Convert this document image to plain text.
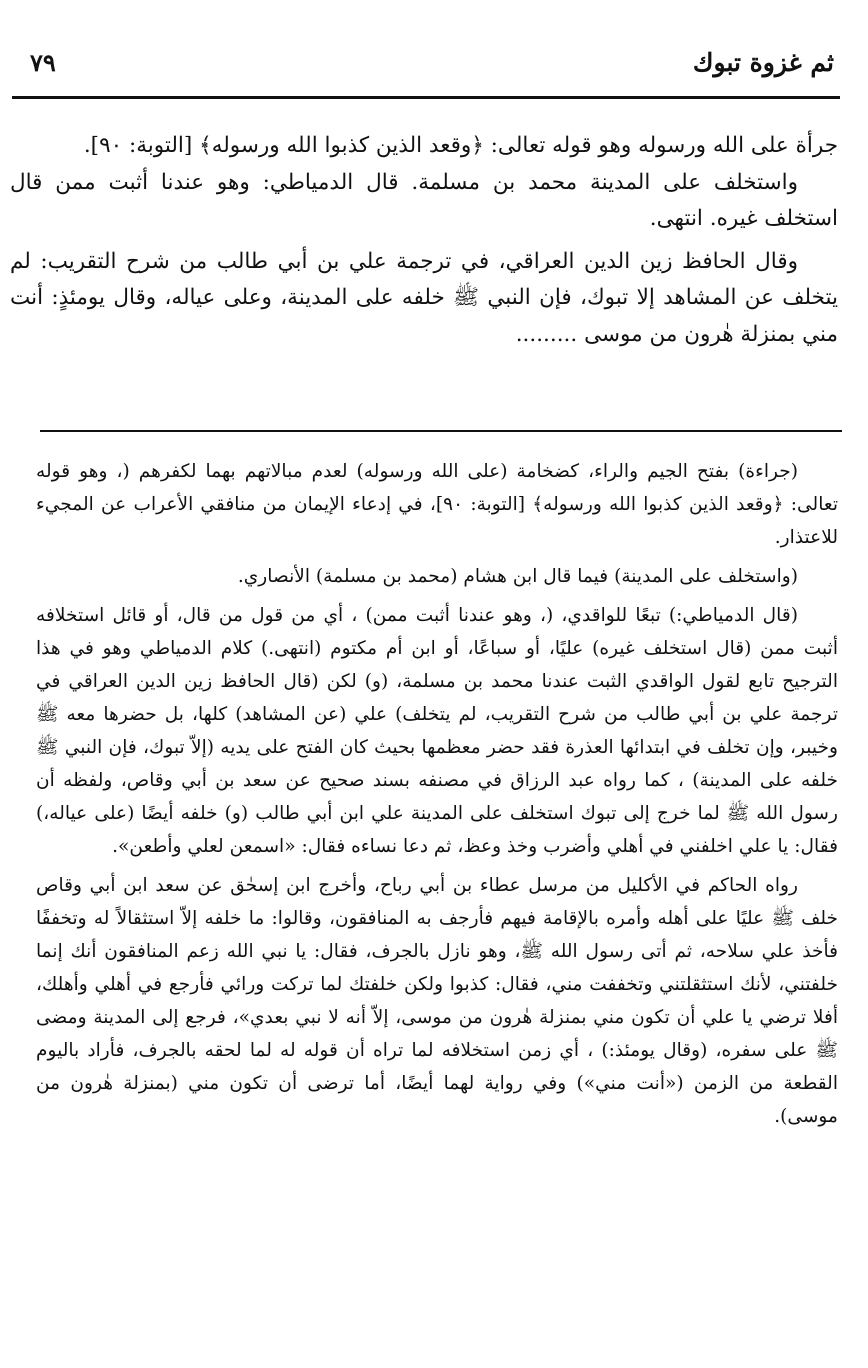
ثم غزوة تبوك
٧٩

جرأة على الله ورسوله وهو قوله تعالى: ﴿وقعد الذين كذبوا الله ورسوله﴾ [التوبة: ٩٠].

واستخلف على المدينة محمد بن مسلمة. قال الدمياطي: وهو عندنا أثبت ممن قال استخلف غيره. انتهى.

وقال الحافظ زين الدين العراقي، في ترجمة علي بن أبي طالب من شرح التقريب: لم يتخلف عن المشاهد إلا تبوك، فإن النبي ﷺ خلفه على المدينة، وعلى عياله، وقال يومئذٍ: أنت مني بمنزلة هٰرون من موسى .........

(جراءة) بفتح الجيم والراء، كضخامة (على الله ورسوله) لعدم مبالاتهم بهما لكفرهم (، وهو قوله تعالى: ﴿وقعد الذين كذبوا الله ورسوله﴾ [التوبة: ٩٠]، في إدعاء الإيمان من منافقي الأعراب عن المجيء للاعتذار.

(واستخلف على المدينة) فيما قال ابن هشام (محمد بن مسلمة) الأنصاري.

(قال الدمياطي:) تبعًا للواقدي، (، وهو عندنا أثبت ممن) ، أي من قول من قال، أو قائل استخلافه أثبت ممن (قال استخلف غيره) عليًا، أو سباعًا، أو ابن أم مكتوم (انتهى.) كلام الدمياطي وهو في هذا الترجيح تابع لقول الواقدي الثبت عندنا محمد بن مسلمة، (و) لكن (قال الحافظ زين الدين العراقي في ترجمة علي بن أبي طالب من شرح التقريب، لم يتخلف) علي (عن المشاهد) كلها، بل حضرها معه ﷺ وخيبر، وإن تخلف في ابتدائها العذرة فقد حضر معظمها بحيث كان الفتح على يديه (إلاّ تبوك، فإن النبي ﷺ خلفه على المدينة) ، كما رواه عبد الرزاق في مصنفه بسند صحيح عن سعد بن أبي وقاص، ولفظه أن رسول الله ﷺ لما خرج إلى تبوك استخلف على المدينة علي ابن أبي طالب (و) خلفه أيضًا (على عياله،) فقال: يا علي اخلفني في أهلي وأضرب وخذ وعظ، ثم دعا نساءه فقال: «اسمعن لعلي وأطعن».

رواه الحاكم في الأكليل من مرسل عطاء بن أبي رباح، وأخرج ابن إسحٰق عن سعد ابن أبي وقاص خلف ﷺ عليًا على أهله وأمره بالإقامة فيهم فأرجف به المنافقون، وقالوا: ما خلفه إلاّ استثقالاً له وتخففًا فأخذ علي سلاحه، ثم أتى رسول الله ﷺ، وهو نازل بالجرف، فقال: يا نبي الله زعم المنافقون أنك إنما خلفتني، لأنك استثقلتني وتخففت مني، فقال: كذبوا ولكن خلفتك لما تركت ورائي فأرجع في أهلي وأهلك، أفلا ترضي يا علي أن تكون مني بمنزلة هٰرون من موسى، إلاّ أنه لا نبي بعدي»، فرجع إلى المدينة ومضى ﷺ على سفره، (وقال يومئذ:) ، أي زمن استخلافه لما تراه أن قوله له لما لحقه بالجرف، فأراد باليوم القطعة من الزمن («أنت مني») وفي رواية لهما أيضًا، أما ترضى أن تكون مني (بمنزلة هٰرون من موسى).
